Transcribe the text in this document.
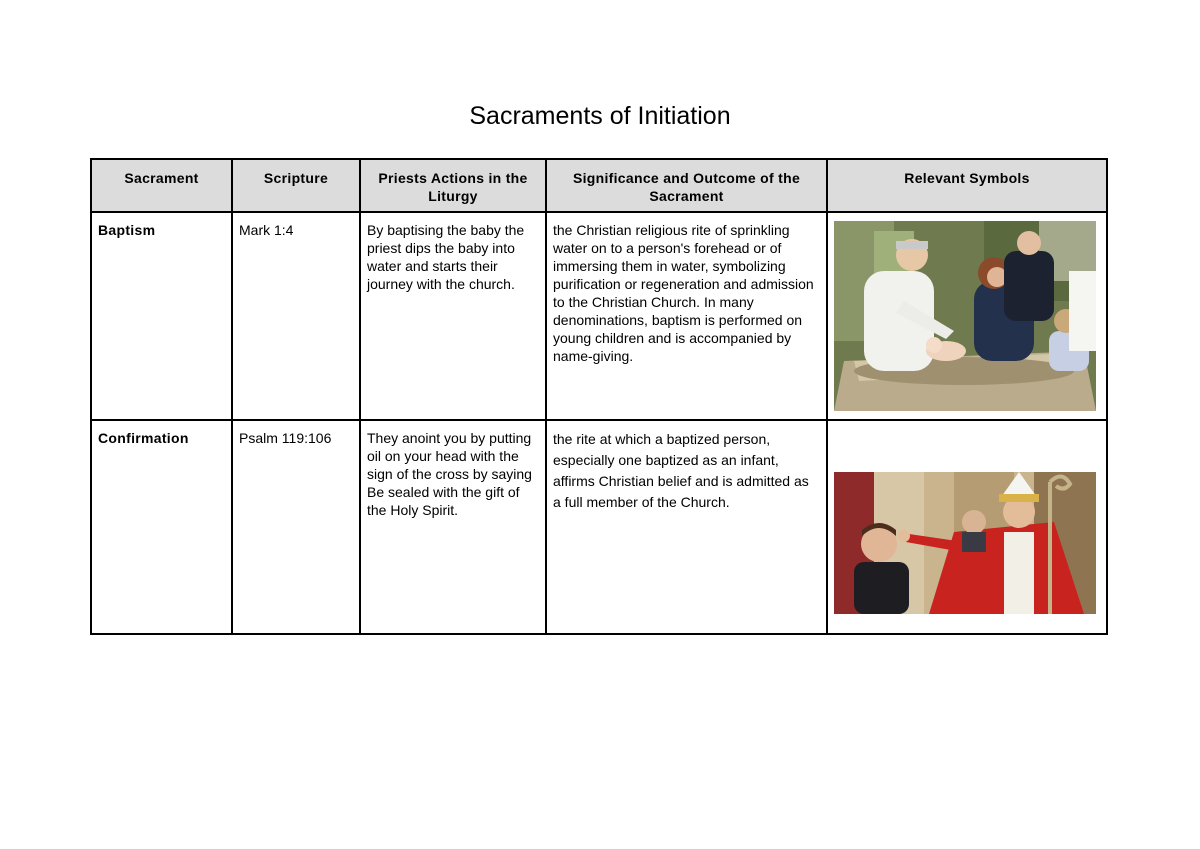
Sacraments of Initiation
Sacrament	Scripture	Priests Actions in the Liturgy	Significance and Outcome of the Sacrament	Relevant Symbols
Baptism	Mark 1:4	By baptising the baby the priest dips the baby into water and starts their journey with the church.	the Christian religious rite of sprinkling water on to a person's forehead or of immersing them in water, symbolizing purification or regeneration and admission to the Christian Church. In many denominations, baptism is performed on young children and is accompanied by name-giving.	

Confirmation	Psalm 119:106	They anoint you by putting oil on your head with the sign of the cross by saying Be sealed with the gift of the Holy Spirit.	the rite at which a baptized person, especially one baptized as an infant, affirms Christian belief and is admitted as a full member of the Church.	
